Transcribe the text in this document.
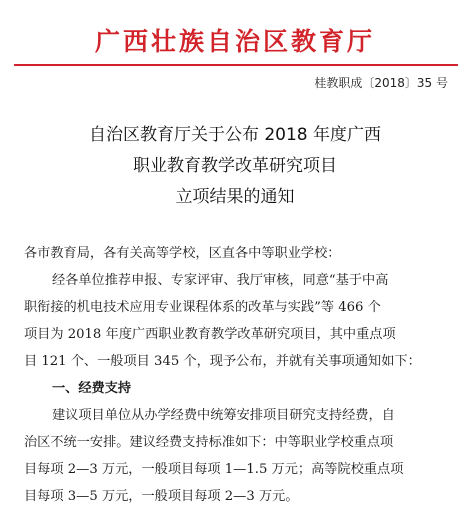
广西壮族自治区教育厅
桂教职成〔2018〕35 号
自治区教育厅关于公布 2018 年度广西
职业教育教学改革研究项目
立项结果的通知

各市教育局，各有关高等学校，区直各中等职业学校：

经各单位推荐申报、专家评审、我厅审核，同意“基于中高

职衔接的机电技术应用专业课程体系的改革与实践”等 466 个

项目为 2018 年度广西职业教育教学改革研究项目，其中重点项

目 121 个、一般项目 345 个，现予公布，并就有关事项通知如下：

一、经费支持

建议项目单位从办学经费中统筹安排项目研究支持经费，自

治区不统一安排。建议经费支持标准如下：中等职业学校重点项

目每项 2—3 万元，一般项目每项 1—1.5 万元；高等院校重点项

目每项 3—5 万元，一般项目每项 2—3 万元。
